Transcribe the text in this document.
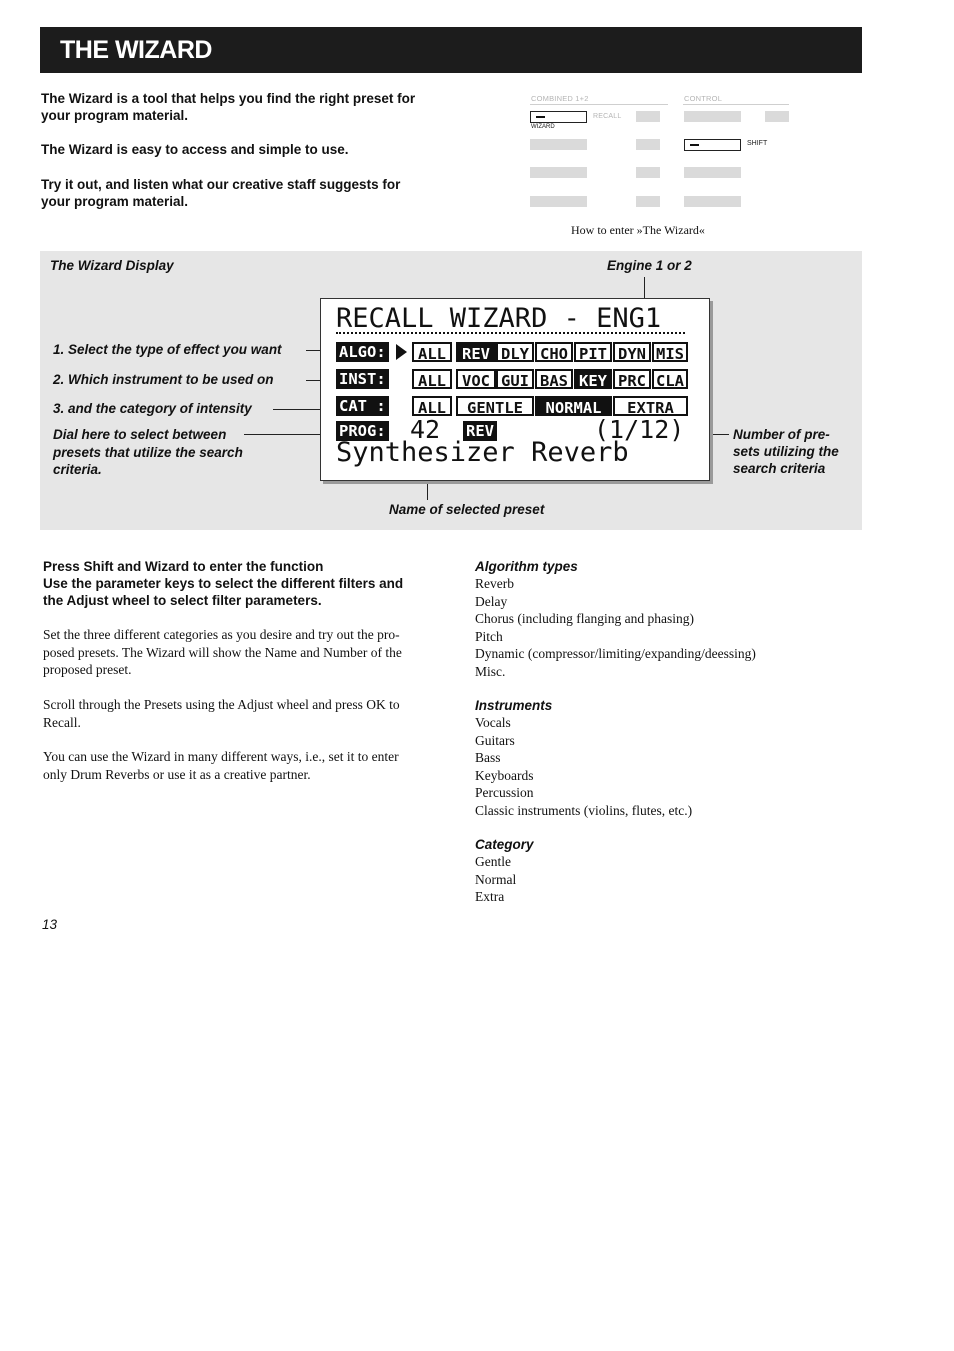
THE WIZARD
The Wizard is a tool that helps you find the right preset for your program material.
The Wizard is easy to access and simple to use.
Try it out, and listen what our creative staff suggests for your program material.
COMBINED 1+2	CONTROL
WIZARD
RECALL
SHIFT
How to enter »The Wizard«
The Wizard Display	Engine 1 or 2
1. Select the type of effect you want
2. Which instrument to be used on
3. and the category of intensity
Dial here to select between presets that utilize the search criteria.
Number of pre-sets utilizing the search criteria
Name of selected preset
RECALL WIZARD - ENG1
ALGO:	ALL	REV DLY CHO PIT DYN MIS
INST:	ALL	VOC GUI BAS KEY PRC CLA
CAT :	ALL	GENTLE	NORMAL	EXTRA
PROG: 42 REV	(1/12)
Synthesizer Reverb
Press Shift and Wizard to enter the function
Use the parameter keys to select the different filters and the Adjust wheel to select filter parameters.
Set the three different categories as you desire and try out the pro-posed presets. The Wizard will show the Name and Number of the proposed preset.
Scroll through the Presets using the Adjust wheel and press OK to Recall.
You can use the Wizard in many different ways, i.e., set it to enter only Drum Reverbs or use it as a creative partner.
Algorithm types
Reverb
Delay
Chorus (including flanging and phasing)
Pitch
Dynamic (compressor/limiting/expanding/deessing)
Misc.
Instruments
Vocals
Guitars
Bass
Keyboards
Percussion
Classic instruments (violins, flutes, etc.)
Category
Gentle
Normal
Extra
13
